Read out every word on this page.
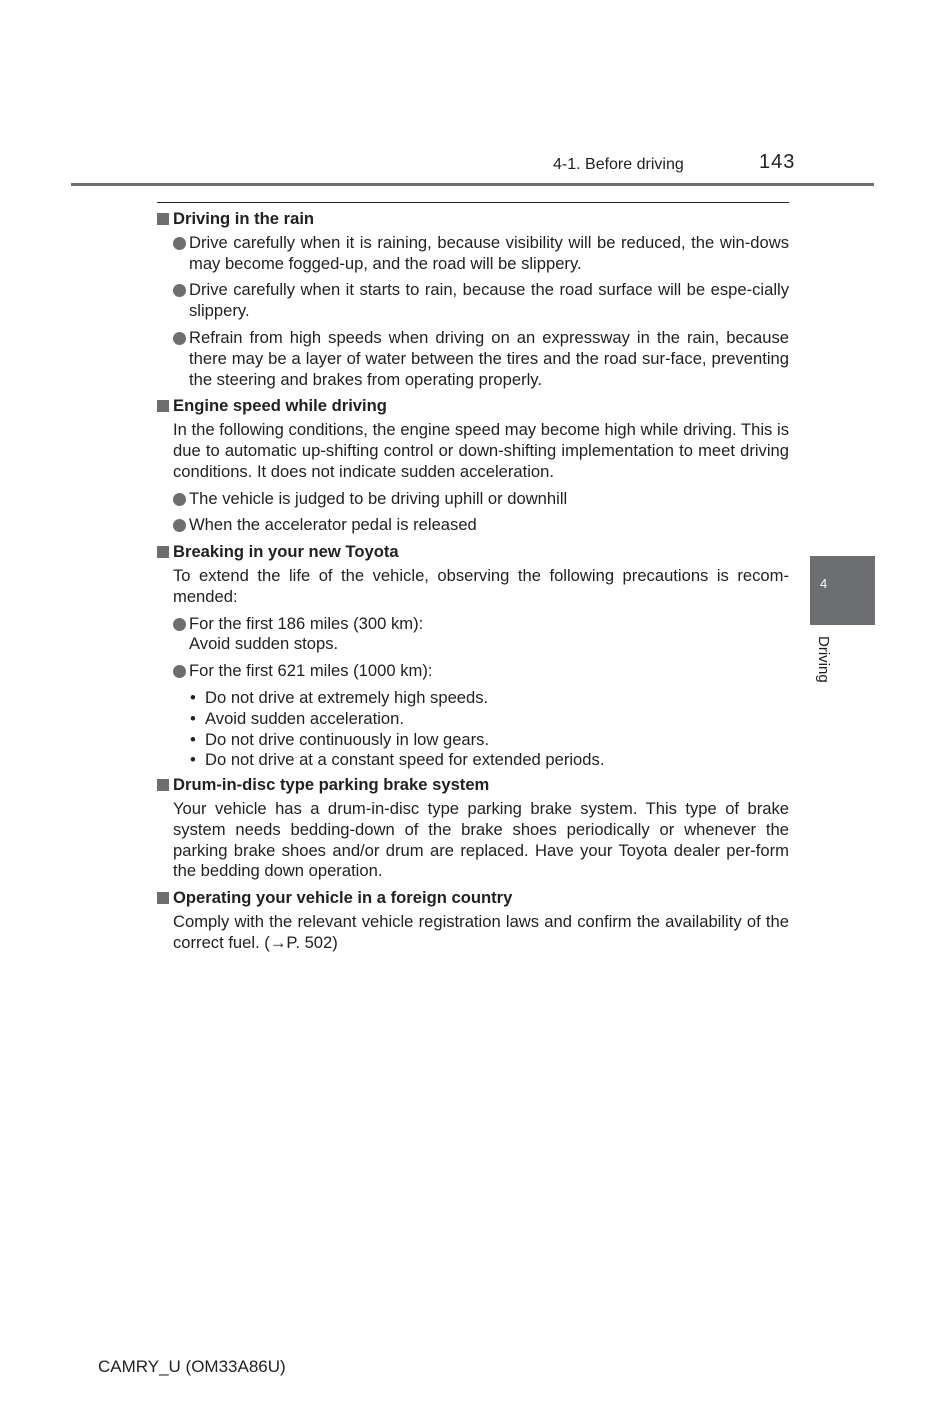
4-1. Before driving	143
4
Driving
Driving in the rain
Drive carefully when it is raining, because visibility will be reduced, the win-dows may become fogged-up, and the road will be slippery.
Drive carefully when it starts to rain, because the road surface will be espe-cially slippery.
Refrain from high speeds when driving on an expressway in the rain, because there may be a layer of water between the tires and the road sur-face, preventing the steering and brakes from operating properly.
Engine speed while driving
In the following conditions, the engine speed may become high while driving. This is due to automatic up-shifting control or down-shifting implementation to meet driving conditions. It does not indicate sudden acceleration.
The vehicle is judged to be driving uphill or downhill
When the accelerator pedal is released
Breaking in your new Toyota
To extend the life of the vehicle, observing the following precautions is recom-mended:
For the first 186 miles (300 km):
Avoid sudden stops.
For the first 621 miles (1000 km):
• Do not drive at extremely high speeds.
• Avoid sudden acceleration.
• Do not drive continuously in low gears.
• Do not drive at a constant speed for extended periods.
Drum-in-disc type parking brake system
Your vehicle has a drum-in-disc type parking brake system. This type of brake system needs bedding-down of the brake shoes periodically or whenever the parking brake shoes and/or drum are replaced. Have your Toyota dealer per-form the bedding down operation.
Operating your vehicle in a foreign country
Comply with the relevant vehicle registration laws and confirm the availability of the correct fuel. (→P. 502)
CAMRY_U (OM33A86U)
